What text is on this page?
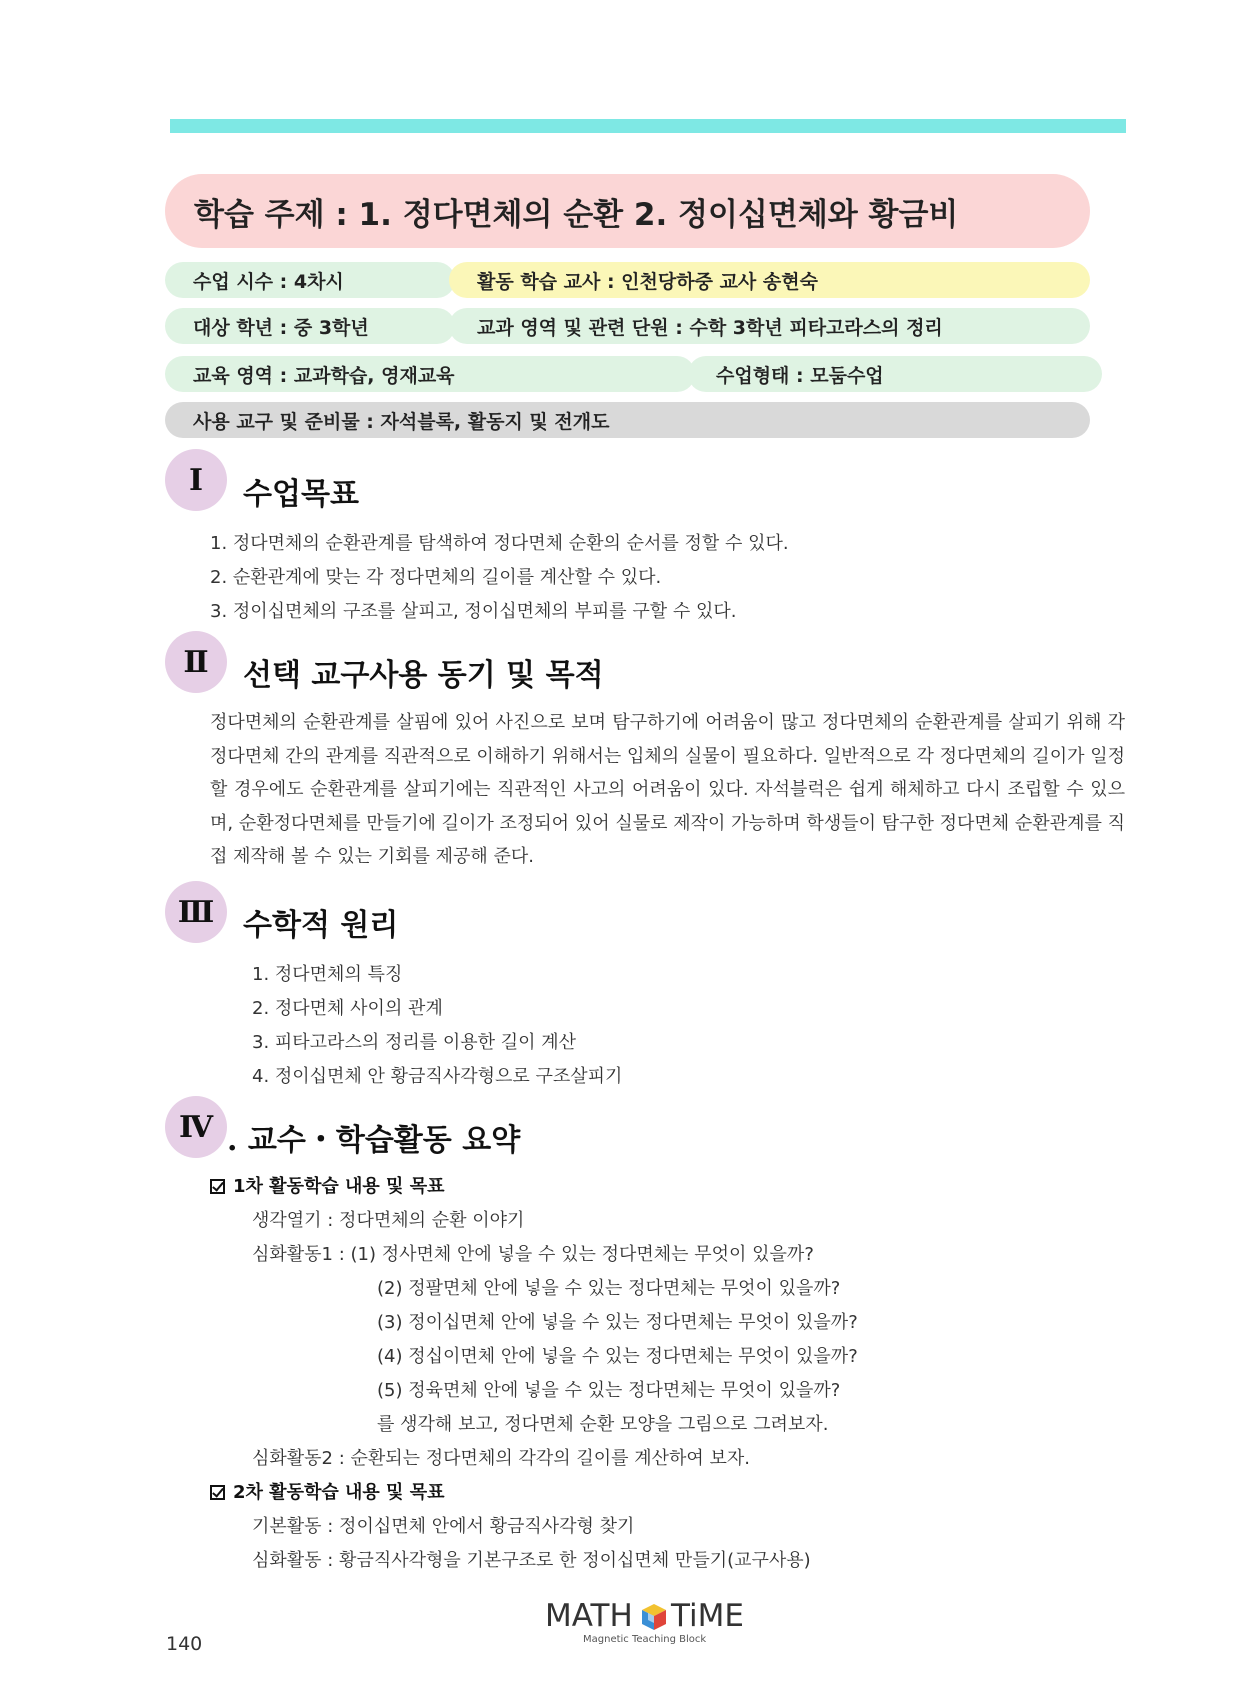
학습 주제 : 1. 정다면체의 순환 2. 정이십면체와 황금비
수업 시수 : 4차시	활동 학습 교사 : 인천당하중 교사 송현숙
대상 학년 : 중 3학년	교과 영역 및 관련 단원 : 수학 3학년 피타고라스의 정리
교육 영역 : 교과학습, 영재교육	수업형태 : 모둠수업
사용 교구 및 준비물 : 자석블록, 활동지 및 전개도
Ⅰ	수업목표
1. 정다면체의 순환관계를 탐색하여 정다면체 순환의 순서를 정할 수 있다.
2. 순환관계에 맞는 각 정다면체의 길이를 계산할 수 있다.
3. 정이십면체의 구조를 살피고, 정이십면체의 부피를 구할 수 있다.
Ⅱ	선택 교구사용 동기 및 목적
정다면체의 순환관계를 살핌에 있어 사진으로 보며 탐구하기에 어려움이 많고 정다면체의 순환관계를 살피기 위해 각 정다면체 간의 관계를 직관적으로 이해하기 위해서는 입체의 실물이 필요하다. 일반적으로 각 정다면체의 길이가 일정할 경우에도 순환관계를 살피기에는 직관적인 사고의 어려움이 있다. 자석블럭은 쉽게 해체하고 다시 조립할 수 있으며, 순환정다면체를 만들기에 길이가 조정되어 있어 실물로 제작이 가능하며 학생들이 탐구한 정다면체 순환관계를 직접 제작해 볼 수 있는 기회를 제공해 준다.
Ⅲ 수학적 원리
1. 정다면체의 특징
2. 정다면체 사이의 관계
3. 피타고라스의 정리를 이용한 길이 계산
4. 정이십면체 안 황금직사각형으로 구조살피기
Ⅳ . 교수・학습활동 요약
1차 활동학습 내용 및 목표
생각열기 : 정다면체의 순환 이야기
심화활동1 : (1) 정사면체 안에 넣을 수 있는 정다면체는 무엇이 있을까?
(2) 정팔면체 안에 넣을 수 있는 정다면체는 무엇이 있을까?
(3) 정이십면체 안에 넣을 수 있는 정다면체는 무엇이 있을까?
(4) 정십이면체 안에 넣을 수 있는 정다면체는 무엇이 있을까?
(5) 정육면체 안에 넣을 수 있는 정다면체는 무엇이 있을까?
를 생각해 보고, 정다면체 순환 모양을 그림으로 그려보자.
심화활동2 : 순환되는 정다면체의 각각의 길이를 계산하여 보자.
2차 활동학습 내용 및 목표
기본활동 : 정이십면체 안에서 황금직사각형 찾기
심화활동 : 황금직사각형을 기본구조로 한 정이십면체 만들기(교구사용)
140
MATH TiME
Magnetic Teaching Block
